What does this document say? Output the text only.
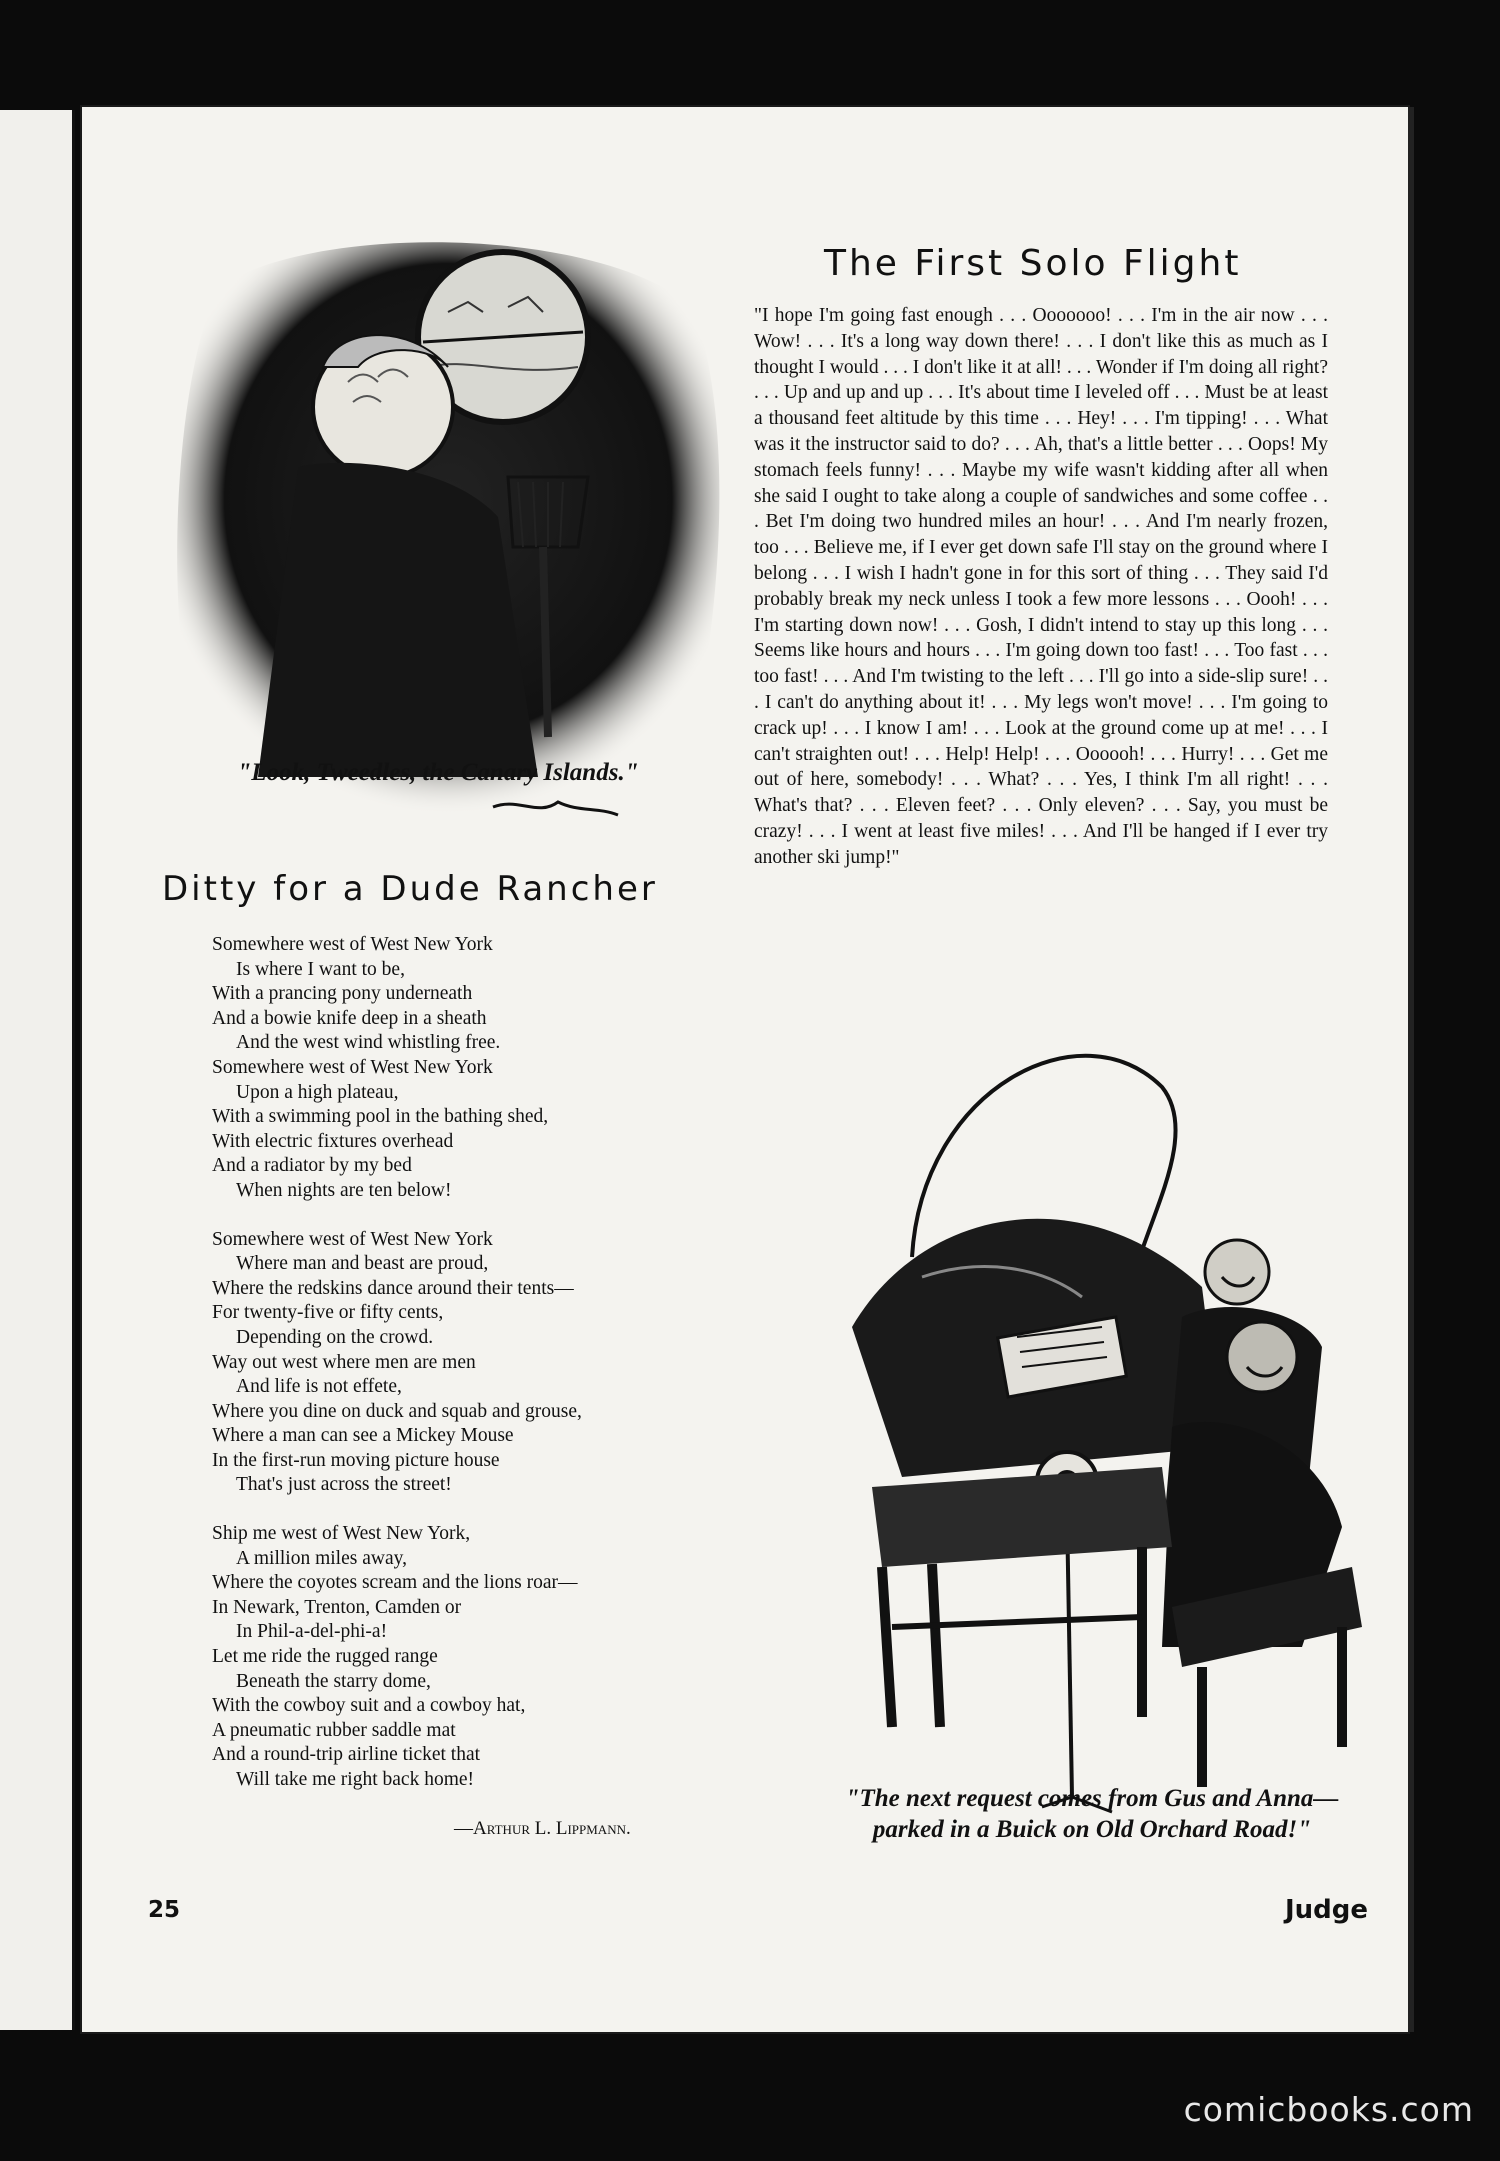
"Look, Tweedles, the Canary Islands."
The First Solo Flight

"I hope I'm going fast enough . . . Ooooooo! . . . I'm in the air now . . . Wow! . . . It's a long way down there! . . . I don't like this as much as I thought I would . . . I don't like it at all! . . . Wonder if I'm doing all right? . . . Up and up and up . . . It's about time I leveled off . . . Must be at least a thousand feet altitude by this time . . . Hey! . . . I'm tipping! . . . What was it the instructor said to do? . . . Ah, that's a little better . . . Oops! My stomach feels funny! . . . Maybe my wife wasn't kidding after all when she said I ought to take along a couple of sandwiches and some coffee . . . Bet I'm doing two hundred miles an hour! . . . And I'm nearly frozen, too . . . Believe me, if I ever get down safe I'll stay on the ground where I belong . . . I wish I hadn't gone in for this sort of thing . . . They said I'd probably break my neck unless I took a few more lessons . . . Oooh! . . . I'm starting down now! . . . Gosh, I didn't intend to stay up this long . . . Seems like hours and hours . . . I'm going down too fast! . . . Too fast . . . too fast! . . . And I'm twisting to the left . . . I'll go into a side-slip sure! . . . I can't do anything about it! . . . My legs won't move! . . . I'm going to crack up! . . . I know I am! . . . Look at the ground come up at me! . . . I can't straighten out! . . . Help! Help! . . . Oooooh! . . . Hurry! . . . Get me out of here, somebody! . . . What? . . . Yes, I think I'm all right! . . . What's that? . . . Eleven feet? . . . Only eleven? . . . Say, you must be crazy! . . . I went at least five miles! . . . And I'll be hanged if I ever try another ski jump!"

Ditty for a Dude Rancher
Somewhere west of West New York
Is where I want to be,
With a prancing pony underneath
And a bowie knife deep in a sheath
And the west wind whistling free.
Somewhere west of West New York
Upon a high plateau,
With a swimming pool in the bathing shed,
With electric fixtures overhead
And a radiator by my bed
When nights are ten below!
Somewhere west of West New York
Where man and beast are proud,
Where the redskins dance around their tents—
For twenty-five or fifty cents,
Depending on the crowd.
Way out west where men are men
And life is not effete,
Where you dine on duck and squab and grouse,
Where a man can see a Mickey Mouse
In the first-run moving picture house
That's just across the street!
Ship me west of West New York,
A million miles away,
Where the coyotes scream and the lions roar—
In Newark, Trenton, Camden or
In Phil-a-del-phi-a!
Let me ride the rugged range
Beneath the starry dome,
With the cowboy suit and a cowboy hat,
A pneumatic rubber saddle mat
And a round-trip airline ticket that
Will take me right back home!
—Arthur L. Lippmann.
"The next request comes from Gus and Anna—
parked in a Buick on Old Orchard Road!"
25	Judge
comicbooks.com
